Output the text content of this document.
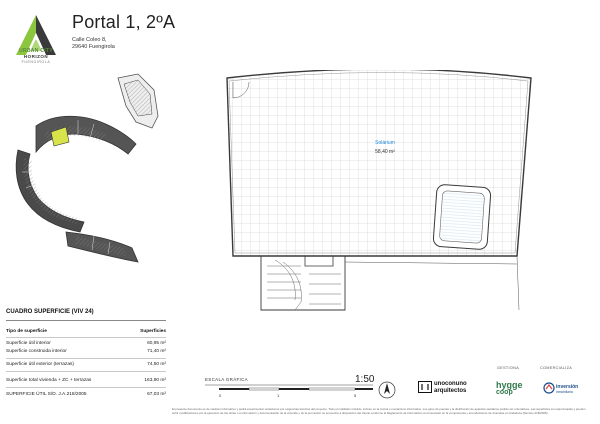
URBAN CITY
HORIZON
FUENGIROLA
Portal 1, 2ºA
Calle Coleo 8,
29640 Fuengirola
Solárium
58,40 m²
CUADRO SUPERFICIE (VIV 24)
Tipo de superficie	Superficies
Superficie útil interior	60,95 m²
Superficie construida interior	71,40 m²
Superficie útil exterior (terrazas)	74,50 m²
Superficie total vivienda + ZC + terrazas	163,90 m²
SUPERFICIE ÚTIL S/D. J.A.218/2005	67,03 m²
ESCALA GRÁFICA	1:50
0	1	5
GESTIONA	COMERCIALIZA
unoconuno
arquitectos
hygge
coop
inversión
inmobiliaria
El presente documento es de carácter informativo y podrá experimentar variaciones por exigencias técnicas del proyecto. Todo el mobiliario incluido, incluso en la cocina o mecanismo informativo. Los giros de puertas y la distribución de aparatos sanitarios podrán ser orientativos. Las superficies son aproximadas y pueden sufrir modificaciones por la ejecución de las obras. La información y documentación de la vivienda y de la promoción se encuentra a disposición del cliente conforme al Reglamento de Información al consumidor en la compraventa y arrendamiento de viviendas en Andalucía (Decreto 218/2005).
